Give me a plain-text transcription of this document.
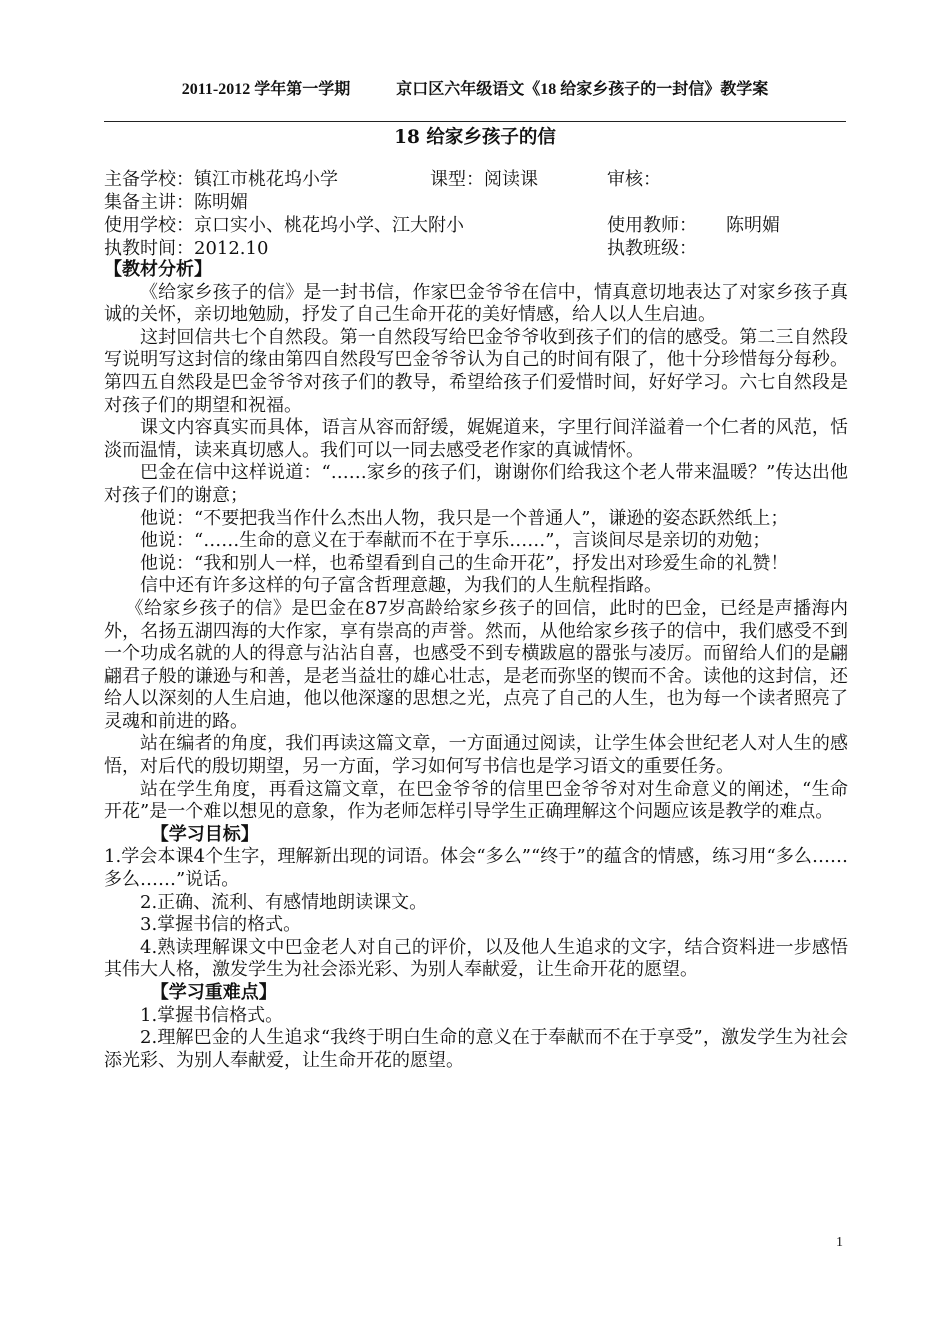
2011-2012 学年第一学期	京口区六年级语文《18 给家乡孩子的一封信》教学案
18 给家乡孩子的信
主备学校：镇江市桃花坞小学	课型：阅读课	审核：
集备主讲：陈明媚
使用学校：京口实小、桃花坞小学、江大附小	使用教师： 陈明媚
执教时间：2012.10	执教班级：

【教材分析】

《给家乡孩子的信》是一封书信，作家巴金爷爷在信中，情真意切地表达了对家乡孩子真诚的关怀，亲切地勉励，抒发了自己生命开花的美好情感，给人以人生启迪。

这封回信共七个自然段。第一自然段写给巴金爷爷收到孩子们的信的感受。第二三自然段写说明写这封信的缘由第四自然段写巴金爷爷认为自己的时间有限了，他十分珍惜每分每秒。第四五自然段是巴金爷爷对孩子们的教导，希望给孩子们爱惜时间，好好学习。六七自然段是对孩子们的期望和祝福。

课文内容真实而具体，语言从容而舒缓，娓娓道来，字里行间洋溢着一个仁者的风范，恬淡而温情，读来真切感人。我们可以一同去感受老作家的真诚情怀。

巴金在信中这样说道：“……家乡的孩子们，谢谢你们给我这个老人带来温暖？”传达出他对孩子们的谢意；

他说：“不要把我当作什么杰出人物，我只是一个普通人”，谦逊的姿态跃然纸上；

他说：“……生命的意义在于奉献而不在于享乐……”，言谈间尽是亲切的劝勉；

他说：“我和别人一样，也希望看到自己的生命开花”，抒发出对珍爱生命的礼赞！

信中还有许多这样的句子富含哲理意趣，为我们的人生航程指路。

《给家乡孩子的信》是巴金在87岁高龄给家乡孩子的回信，此时的巴金，已经是声播海内外，名扬五湖四海的大作家，享有崇高的声誉。然而，从他给家乡孩子的信中，我们感受不到一个功成名就的人的得意与沾沾自喜，也感受不到专横跋扈的嚣张与凌厉。而留给人们的是翩翩君子般的谦逊与和善，是老当益壮的雄心壮志，是老而弥坚的锲而不舍。读他的这封信，还给人以深刻的人生启迪，他以他深邃的思想之光，点亮了自己的人生，也为每一个读者照亮了灵魂和前进的路。

站在编者的角度，我们再读这篇文章，一方面通过阅读，让学生体会世纪老人对人生的感悟，对后代的殷切期望，另一方面，学习如何写书信也是学习语文的重要任务。

站在学生角度，再看这篇文章，在巴金爷爷的信里巴金爷爷对对生命意义的阐述，“生命开花”是一个难以想见的意象，作为老师怎样引导学生正确理解这个问题应该是教学的难点。

【学习目标】

1.学会本课4个生字，理解新出现的词语。体会“多么”“终于”的蕴含的情感，练习用“多么……多么……”说话。

2.正确、流利、有感情地朗读课文。

3.掌握书信的格式。

4.熟读理解课文中巴金老人对自己的评价，以及他人生追求的文字，结合资料进一步感悟其伟大人格，激发学生为社会添光彩、为别人奉献爱，让生命开花的愿望。

【学习重难点】

1.掌握书信格式。

2.理解巴金的人生追求“我终于明白生命的意义在于奉献而不在于享受”，激发学生为社会添光彩、为别人奉献爱，让生命开花的愿望。

1
